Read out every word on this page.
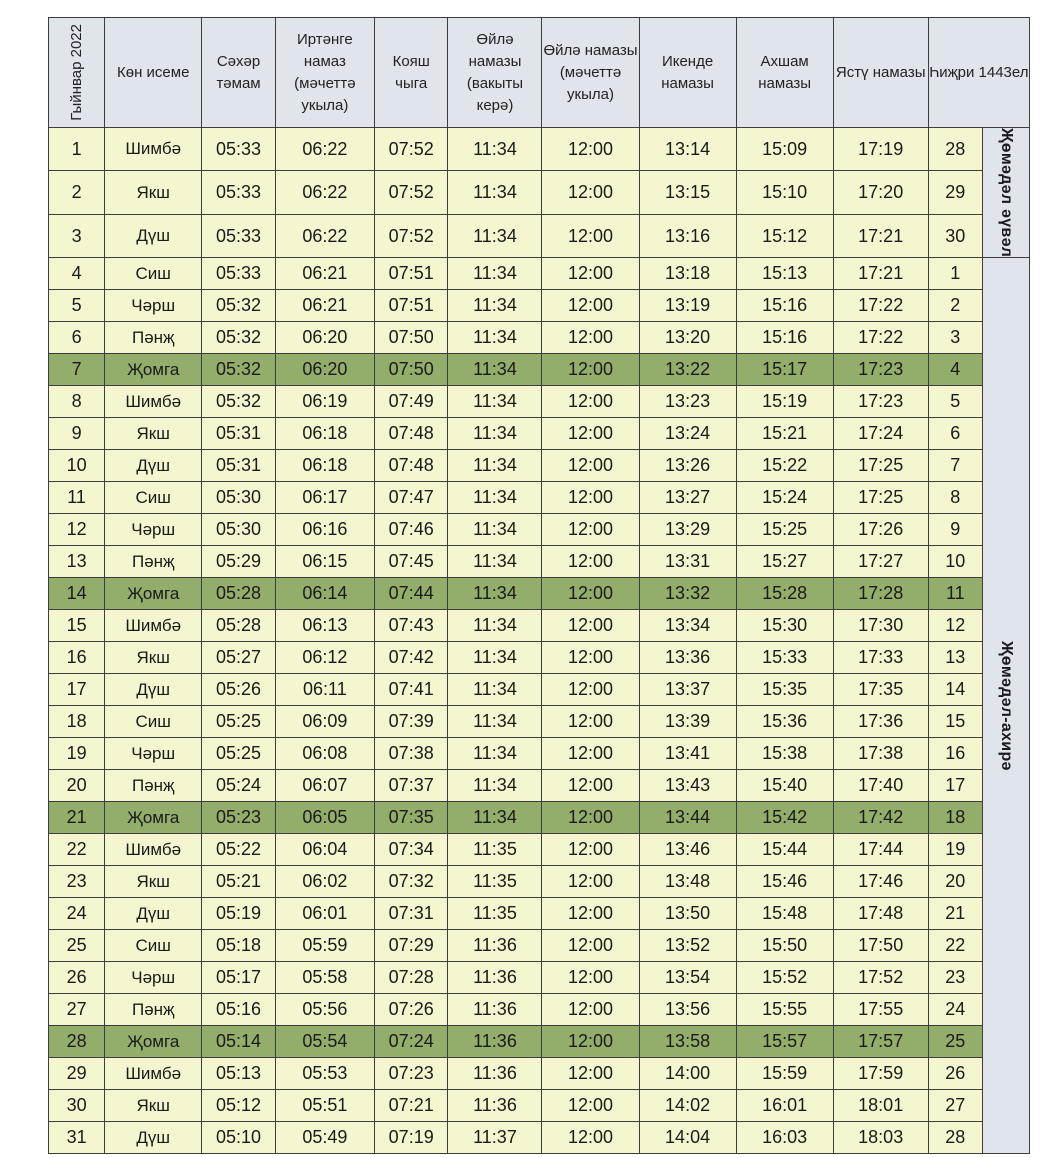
Гыйнвар 2022	Көн исеме	Сәхәр тәмам	Иртәнге намаз (мәчеттә укыла)	Кояш чыга	Өйлә намазы (вакыты керә)	Өйлә намазы (мәчеттә укыла)	Икенде намазы	Ахшам намазы	Ястү намазы	Һиҗри 1443ел	
1	Шимбә	05:33	06:22	07:52	11:34	12:00	13:14	15:09	17:19	28	Җөмәдәл әүвәл

2	Якш	05:33	06:22	07:52	11:34	12:00	13:15	15:10	17:20	29	
3	Дүш	05:33	06:22	07:52	11:34	12:00	13:16	15:12	17:21	30	
4	Сиш	05:33	06:21	07:51	11:34	12:00	13:18	15:13	17:21	1	Җөмәдәл-ахирә

5	Чәрш	05:32	06:21	07:51	11:34	12:00	13:19	15:16	17:22	2	
6	Пәнҗ	05:32	06:20	07:50	11:34	12:00	13:20	15:16	17:22	3	
7	Җомга	05:32	06:20	07:50	11:34	12:00	13:22	15:17	17:23	4	
8	Шимбә	05:32	06:19	07:49	11:34	12:00	13:23	15:19	17:23	5	
9	Якш	05:31	06:18	07:48	11:34	12:00	13:24	15:21	17:24	6	
10	Дүш	05:31	06:18	07:48	11:34	12:00	13:26	15:22	17:25	7	
11	Сиш	05:30	06:17	07:47	11:34	12:00	13:27	15:24	17:25	8	
12	Чәрш	05:30	06:16	07:46	11:34	12:00	13:29	15:25	17:26	9	
13	Пәнҗ	05:29	06:15	07:45	11:34	12:00	13:31	15:27	17:27	10	
14	Җомга	05:28	06:14	07:44	11:34	12:00	13:32	15:28	17:28	11	
15	Шимбә	05:28	06:13	07:43	11:34	12:00	13:34	15:30	17:30	12	
16	Якш	05:27	06:12	07:42	11:34	12:00	13:36	15:33	17:33	13	
17	Дүш	05:26	06:11	07:41	11:34	12:00	13:37	15:35	17:35	14	
18	Сиш	05:25	06:09	07:39	11:34	12:00	13:39	15:36	17:36	15	
19	Чәрш	05:25	06:08	07:38	11:34	12:00	13:41	15:38	17:38	16	
20	Пәнҗ	05:24	06:07	07:37	11:34	12:00	13:43	15:40	17:40	17	
21	Җомга	05:23	06:05	07:35	11:34	12:00	13:44	15:42	17:42	18	
22	Шимбә	05:22	06:04	07:34	11:35	12:00	13:46	15:44	17:44	19	
23	Якш	05:21	06:02	07:32	11:35	12:00	13:48	15:46	17:46	20	
24	Дүш	05:19	06:01	07:31	11:35	12:00	13:50	15:48	17:48	21	
25	Сиш	05:18	05:59	07:29	11:36	12:00	13:52	15:50	17:50	22	
26	Чәрш	05:17	05:58	07:28	11:36	12:00	13:54	15:52	17:52	23	
27	Пәнҗ	05:16	05:56	07:26	11:36	12:00	13:56	15:55	17:55	24	
28	Җомга	05:14	05:54	07:24	11:36	12:00	13:58	15:57	17:57	25	
29	Шимбә	05:13	05:53	07:23	11:36	12:00	14:00	15:59	17:59	26	
30	Якш	05:12	05:51	07:21	11:36	12:00	14:02	16:01	18:01	27	
31	Дүш	05:10	05:49	07:19	11:37	12:00	14:04	16:03	18:03	28	
